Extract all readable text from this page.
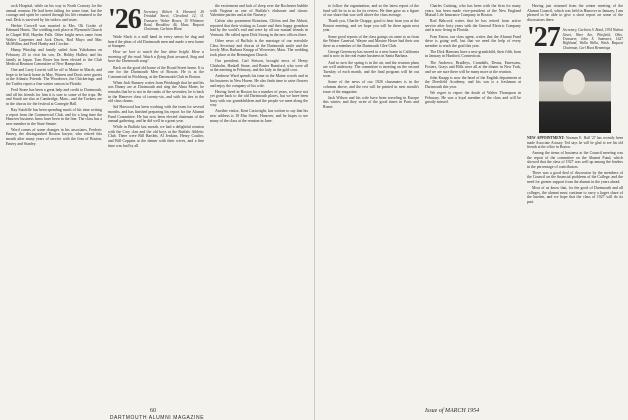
rock Hospital, while on his way to North Conway for the annual reunion. He had been failing for some time, but the courage and spirit he carried through his life remained to the end. Dick is survived by his widow and sister.

Herbie Crowell was married to Mrs. Oli Cooke of Edmund Harris. The wedding took place at Plymouth Church in Chapel Hill, Hayden Falls. Other bright news came from Walter Carpenter and Jack Davis, Rod Mayo and Mac McMillan, and Fred Hanby and Crocker.

Hamp Winship and family sailed from Yokohama on February 25 to visit his son, Dr. Hobby Hallett, and his family in Japan. Tom Rowe has been elected to the Club Medical Reunion Committee of New Hampshire.

One and Larry Leavitt will be off to Maine in March, and hope to be back home in May. Warren and Doris were guests at the Atlantic Friends. The Woodrows, the Chickerings, and the Tuttles report a fine winter season in Florida.

Fred Stone has been a great help and credit to Dartmouth, and all his friends for him it is sure to some of the trips. He and Sarah are also at Cambridge, Mass., and the Tuckers are in the chorus for the festival at Carnegie Hall.

Ray Sutcliffe has been spending much of his time writing a report from the Commercial Club, and for a long time the Hanover business firms have been in the line. The class has a new member in the State Senate.

Word comes of some changes in his associates, Frederic Emery, the distinguished Boston lawyer, who retired this month after many years of service with the firm of Boston, Emery and Stanley.

'26 Secretary, Robert A. Harvard, 26 Trinidad Street, Cleveland 12, O. Treasurer, Walter Bowes, 15 Whitmore Road, Brookline 46, Mass. Bequest Chairman, Carleton Blunt

Wade Slack is a mill hand in every sense; he dug and heard the pleas of old Dartmouth men and made a new home at Sunapee.

How we love to watch the line shine bright. Have a morning off the road. Watch a flying float aroused, Sing and hear the Dartmouth song!

Back on the good old home of the Broad Street home. It is one for the Dartmouth Men of Boston. He is at the Commercial in Fitchburg, at the Dartmouth Club in Boston.

When Jack Ramsey writes from Pittsburgh that he and his son Danny are at Dartmouth and sing the Alma Mater, he remarks that he is not in the ranks of the seventies; he is back in the Hanover class of twenty-six, and with his ties to the old class chums.

Sid Harwood has been working with the team for several months, and has finished preparing his report for the Alumni Fund Committee. He has now been elected chairman of the annual gathering, and he did well in a great year.

While in Buffalo last month, we had a delightful reunion with the Cary clan and the old boys at the Buffalo Athletic Club. There were Bill Bartlett, Al Jenkins, Henry Coulter, and Bill Coppins at the dinner with their wives, and a fine time was had by all.

the excitement and lack of sleep over the Rochester bubble with Virginia as one of Buffalo's elaborate and classic Valentine parties and at the Nursery.

Calvin also prominent Rotarians, Clifton and Jim Abbott, reported that their visiting as Laurie and their happy grandson had by the world's end and were by all our mutual friends in Vermont. He called upon Dick Strong in the new offices there.

Other news of Buffalo is the marriage of our erstwhile Class Secretary and chorus of the Dartmouth smile and the lovely Miss Barbara Knapp of Worcester, Mass. The wedding took place at the Bennington Church.

Our president, Carl Stetson, brought news of Henry Chisholm, Haskell Stone, and Buster Rumford, who were all at the meeting in February, and the lady in the gold coat.

Ambrose Ward spends his time in the Maine woods and in his business in New Haven. He also finds time to raise flowers and enjoy the company of his wife.

Having lived in Boston for a number of years, we have not yet gone back to the old Dartmouth places, but we have been busy with our grandchildren and the people we meet along the way.

Another visitor, Kent Cartwright, has written to say that his new address is 18 Elm Street, Hanover, and he hopes to see many of the class at the reunion in June.

60
DARTMOUTH ALUMNI MAGAZINE

to follow the organization, and so the latest report of the fund will be in to us for its review. He then gave us a figure of our share that was well above the class average.

Thank you, Charlie Chappy, good to hear from you at the Boston meeting, and we hope you will be there again next year.

Some good reports of the class goings on came to us from the Winter Carnival. Wayne and Maxine Howe had their son there as a member of the Dartmouth Glee Club.

George Greenway has moved to a new home in California and is now in the real estate business in Santa Barbara.

And so now the spring is in the air, and the reunion plans are well underway. The committee is meeting on the second Tuesday of each month, and the final program will be out soon.

Some of the news of our 1926 classmates is in the columns above, and the rest will be printed in next month's issue of the magazine.

Jack Wilson and his wife have been traveling in Europe this winter, and they write of the good times in Paris and Rome.

Charles Cushing, who has been with the firm for many years, has been made vice-president of the New England Mutual Life Insurance Company in Boston.

Rod Babcock writes that he has retired from active service after forty years with the General Electric Company and is now living in Florida.

Fran Eaton, our class agent, writes that the Alumni Fund drive is going well, but that we need the help of every member to reach the goal this year.

The Dick Hansons have a new grandchild, their fifth, born in January in Hartford, Connecticut.

The Andrews, Bradleys, Crandalls, Deans, Emersons, Fosters, Grays and Hills were all at the dinner in New York, and we are sure there will be many more at the reunion.

John Knapp is now the head of the English department at the Deerfield Academy, and his son is a freshman at Dartmouth this year.

We regret to report the death of Walter Thompson in February. He was a loyal member of the class and will be greatly missed.

Having just returned from the winter meeting of the Alumni Council, which was held in Hanover in January, I am pleased to be able to give a short report on some of the discussions there.

'27 Secretary, Carleton S. Bond, 1934 Walnut Street, Ware Ave, Pittsfield, Ohio. Treasurer, John S. Summers, 1627 Highland, Walla Walla, Wash. Bequest Chairman, Carl Hunt Hemmings
NEW APPOINTMENT: Norman E. Hall '27 has recently been made Associate Actuary. Ted says he will be glad to see his old friends at the office in Boston.

Among the items of business at the Council meeting was the report of the committee on the Alumni Fund, which showed that the class of 1927 was well up among the leaders in the percentage of contributors.

There was a good deal of discussion by the members of the Council on the financial problems of the College, and the need for greater support from the alumni in the years ahead.

Most of us know that, for the good of Dartmouth and all colleges, the alumni must continue to carry a larger share of the burden, and we hope that the class of 1927 will do its part.

Issue of MARCH 1954
